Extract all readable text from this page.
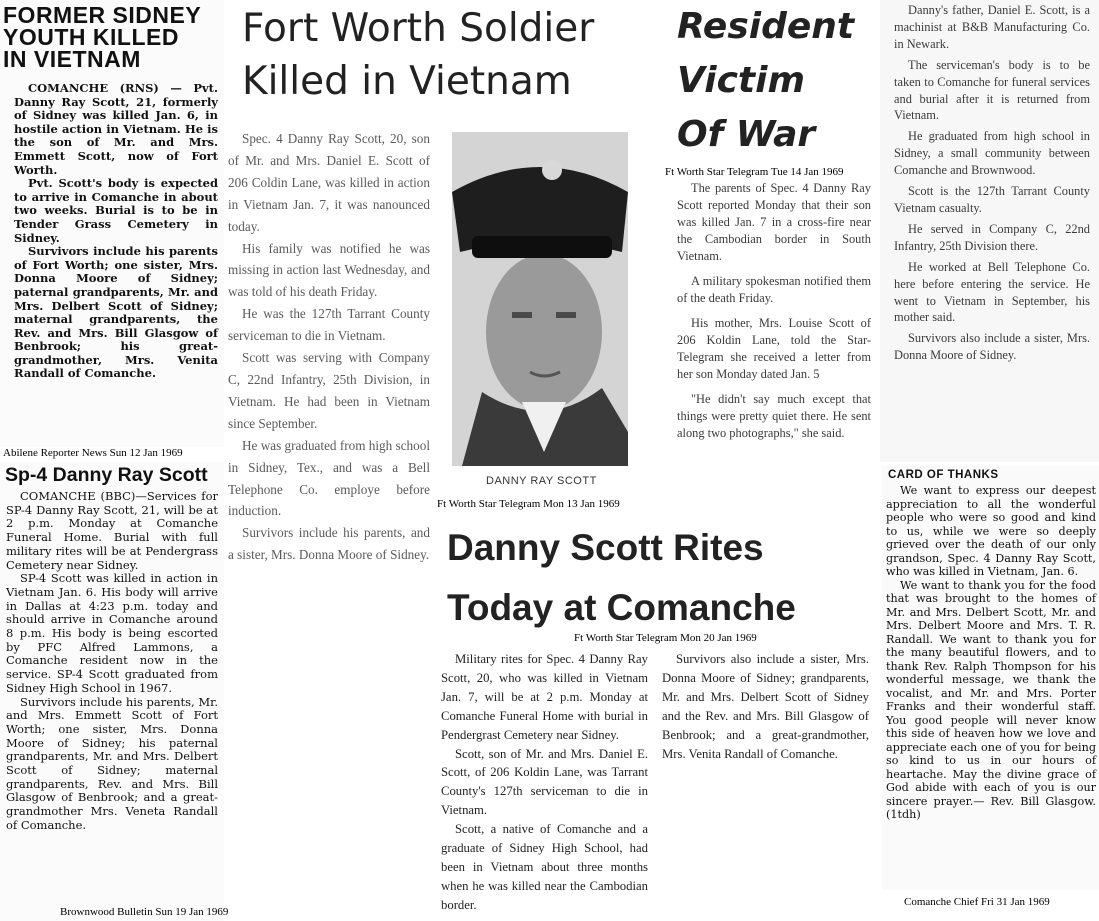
FORMER SIDNEY
YOUTH KILLED
IN VIETNAM

COMANCHE (RNS) — Pvt. Danny Ray Scott, 21, formerly of Sidney was killed Jan. 6, in hostile action in Vietnam. He is the son of Mr. and Mrs. Emmett Scott, now of Fort Worth.

Pvt. Scott's body is expected to arrive in Comanche in about two weeks. Burial is to be in Tender Grass Cemetery in Sidney.

Survivors include his parents of Fort Worth; one sister, Mrs. Donna Moore of Sidney; paternal grandparents, Mr. and Mrs. Delbert Scott of Sidney; maternal grandparents, the Rev. and Mrs. Bill Glasgow of Benbrook; his great-grandmother, Mrs. Venita Randall of Comanche.

Abilene Reporter News Sun 12 Jan 1969
Sp-4 Danny Ray Scott

COMANCHE (BBC)—Services for SP-4 Danny Ray Scott, 21, will be at 2 p.m. Monday at Comanche Funeral Home. Burial with full military rites will be at Pendergrass Cemetery near Sidney.

SP-4 Scott was killed in action in Vietnam Jan. 6. His body will arrive in Dallas at 4:23 p.m. today and should arrive in Comanche around 8 p.m. His body is being escorted by PFC Alfred Lammons, a Comanche resident now in the service. SP-4 Scott graduated from Sidney High School in 1967.

Survivors include his parents, Mr. and Mrs. Emmett Scott of Fort Worth; one sister, Mrs. Donna Moore of Sidney; his paternal grandparents, Mr. and Mrs. Delbert Scott of Sidney; maternal grandparents, Rev. and Mrs. Bill Glasgow of Benbrook; and a great-grandmother Mrs. Veneta Randall of Comanche.

Brownwood Bulletin Sun 19 Jan 1969
Fort Worth Soldier
Killed in Vietnam

Spec. 4 Danny Ray Scott, 20, son of Mr. and Mrs. Daniel E. Scott of 206 Coldin Lane, was killed in action in Vietnam Jan. 7, it was nanounced today.

His family was notified he was missing in action last Wednesday, and was told of his death Friday.

He was the 127th Tarrant County serviceman to die in Vietnam.

Scott was serving with Company C, 22nd Infantry, 25th Division, in Vietnam. He had been in Vietnam since September.

He was graduated from high school in Sidney, Tex., and was a Bell Telephone Co. employe before induction.

Survivors include his parents, and a sister, Mrs. Donna Moore of Sidney.

DANNY RAY SCOTT
Ft Worth Star Telegram Mon 13 Jan 1969
Resident
Victim
Of War

The parents of Spec. 4 Danny Ray Scott reported Monday that their son was killed Jan. 7 in a cross-fire near the Cambodian border in South Vietnam.

A military spokesman notified them of the death Friday.

His mother, Mrs. Louise Scott of 206 Koldin Lane, told the Star-Telegram she received a letter from her son Monday dated Jan. 5

"He didn't say much except that things were pretty quiet there. He sent along two photographs," she said.

Ft Worth Star Telegram Tue 14 Jan 1969

Danny's father, Daniel E. Scott, is a machinist at B&B Manufacturing Co. in Newark.

The serviceman's body is to be taken to Comanche for funeral services and burial after it is returned from Vietnam.

He graduated from high school in Sidney, a small community between Comanche and Brownwood.

Scott is the 127th Tarrant County Vietnam casualty.

He served in Company C, 22nd Infantry, 25th Division there.

He worked at Bell Telephone Co. here before entering the service. He went to Vietnam in September, his mother said.

Survivors also include a sister, Mrs. Donna Moore of Sidney.

Danny Scott Rites
Today at Comanche

Military rites for Spec. 4 Danny Ray Scott, 20, who was killed in Vietnam Jan. 7, will be at 2 p.m. Monday at Comanche Funeral Home with burial in Pendergrast Cemetery near Sidney.

Scott, son of Mr. and Mrs. Daniel E. Scott, of 206 Koldin Lane, was Tarrant County's 127th serviceman to die in Vietnam.

Scott, a native of Comanche and a graduate of Sidney High School, had been in Vietnam about three months when he was killed near the Cambodian border.

Survivors also include a sister, Mrs. Donna Moore of Sidney; grandparents, Mr. and Mrs. Delbert Scott of Sidney and the Rev. and Mrs. Bill Glasgow of Benbrook; and a great-grandmother, Mrs. Venita Randall of Comanche.

Ft Worth Star Telegram Mon 20 Jan 1969
CARD OF THANKS

We want to express our deepest appreciation to all the wonderful people who were so good and kind to us, while we were so deeply grieved over the death of our only grandson, Spec. 4 Danny Ray Scott, who was killed in Vietnam, Jan. 6.

We want to thank you for the food that was brought to the homes of Mr. and Mrs. Delbert Scott, Mr. and Mrs. Delbert Moore and Mrs. T. R. Randall. We want to thank you for the many beautiful flowers, and to thank Rev. Ralph Thompson for his wonderful message, we thank the vocalist, and Mr. and Mrs. Porter Franks and their wonderful staff. You good people will never know this side of heaven how we love and appreciate each one of you for being so kind to us in our hours of heartache. May the divine grace of God abide with each of you is our sincere prayer.— Rev. Bill Glasgow. (1tdh)

Comanche Chief Fri 31 Jan 1969
